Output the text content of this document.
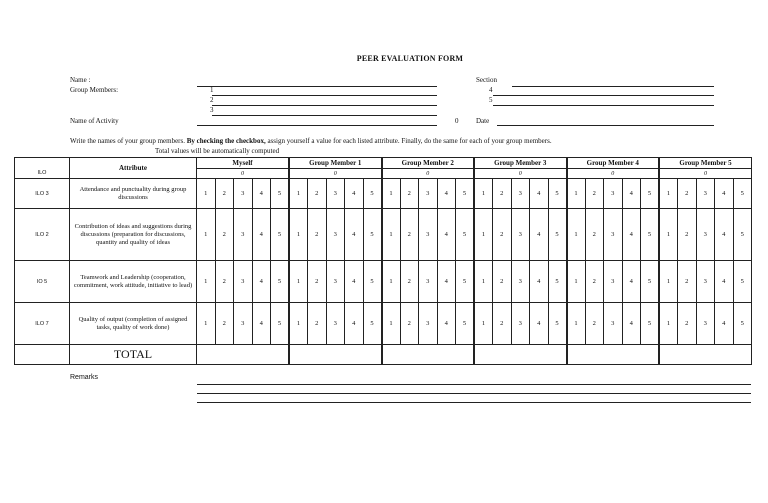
PEER EVALUATION FORM
Name :
Group Members:	1
2
3
Name of Activity	0
Section
4
5
Date
Write the names of your group members. By checking the checkbox, assign yourself a value for each listed attribute. Finally, do the same for each of your group members.
Total values will be automatically computed
	Attribute	Myself					Group Member 1					Group Member 2					Group Member 3					Group Member 4					Group Member 5				
ILO		0					0					0					0					0					0				
ILO 3	Attendance and punctuality during group discussions	1	2	3	4	5	1	2	3	4	5	1	2	3	4	5	1	2	3	4	5	1	2	3	4	5	1	2	3	4	5
ILO 2	Contribution of ideas and suggestions during discussions (preparation for discussions, quantity and quality of ideas	1	2	3	4	5	1	2	3	4	5	1	2	3	4	5	1	2	3	4	5	1	2	3	4	5	1	2	3	4	5
IO 5	Teamwork and Leadership (cooperation, commitment, work attitude, initiative to lead)	1	2	3	4	5	1	2	3	4	5	1	2	3	4	5	1	2	3	4	5	1	2	3	4	5	1	2	3	4	5
ILO 7	Quality of output (completion of assigned tasks, quality of work done)	1	2	3	4	5	1	2	3	4	5	1	2	3	4	5	1	2	3	4	5	1	2	3	4	5	1	2	3	4	5
	TOTAL																														
Remarks
